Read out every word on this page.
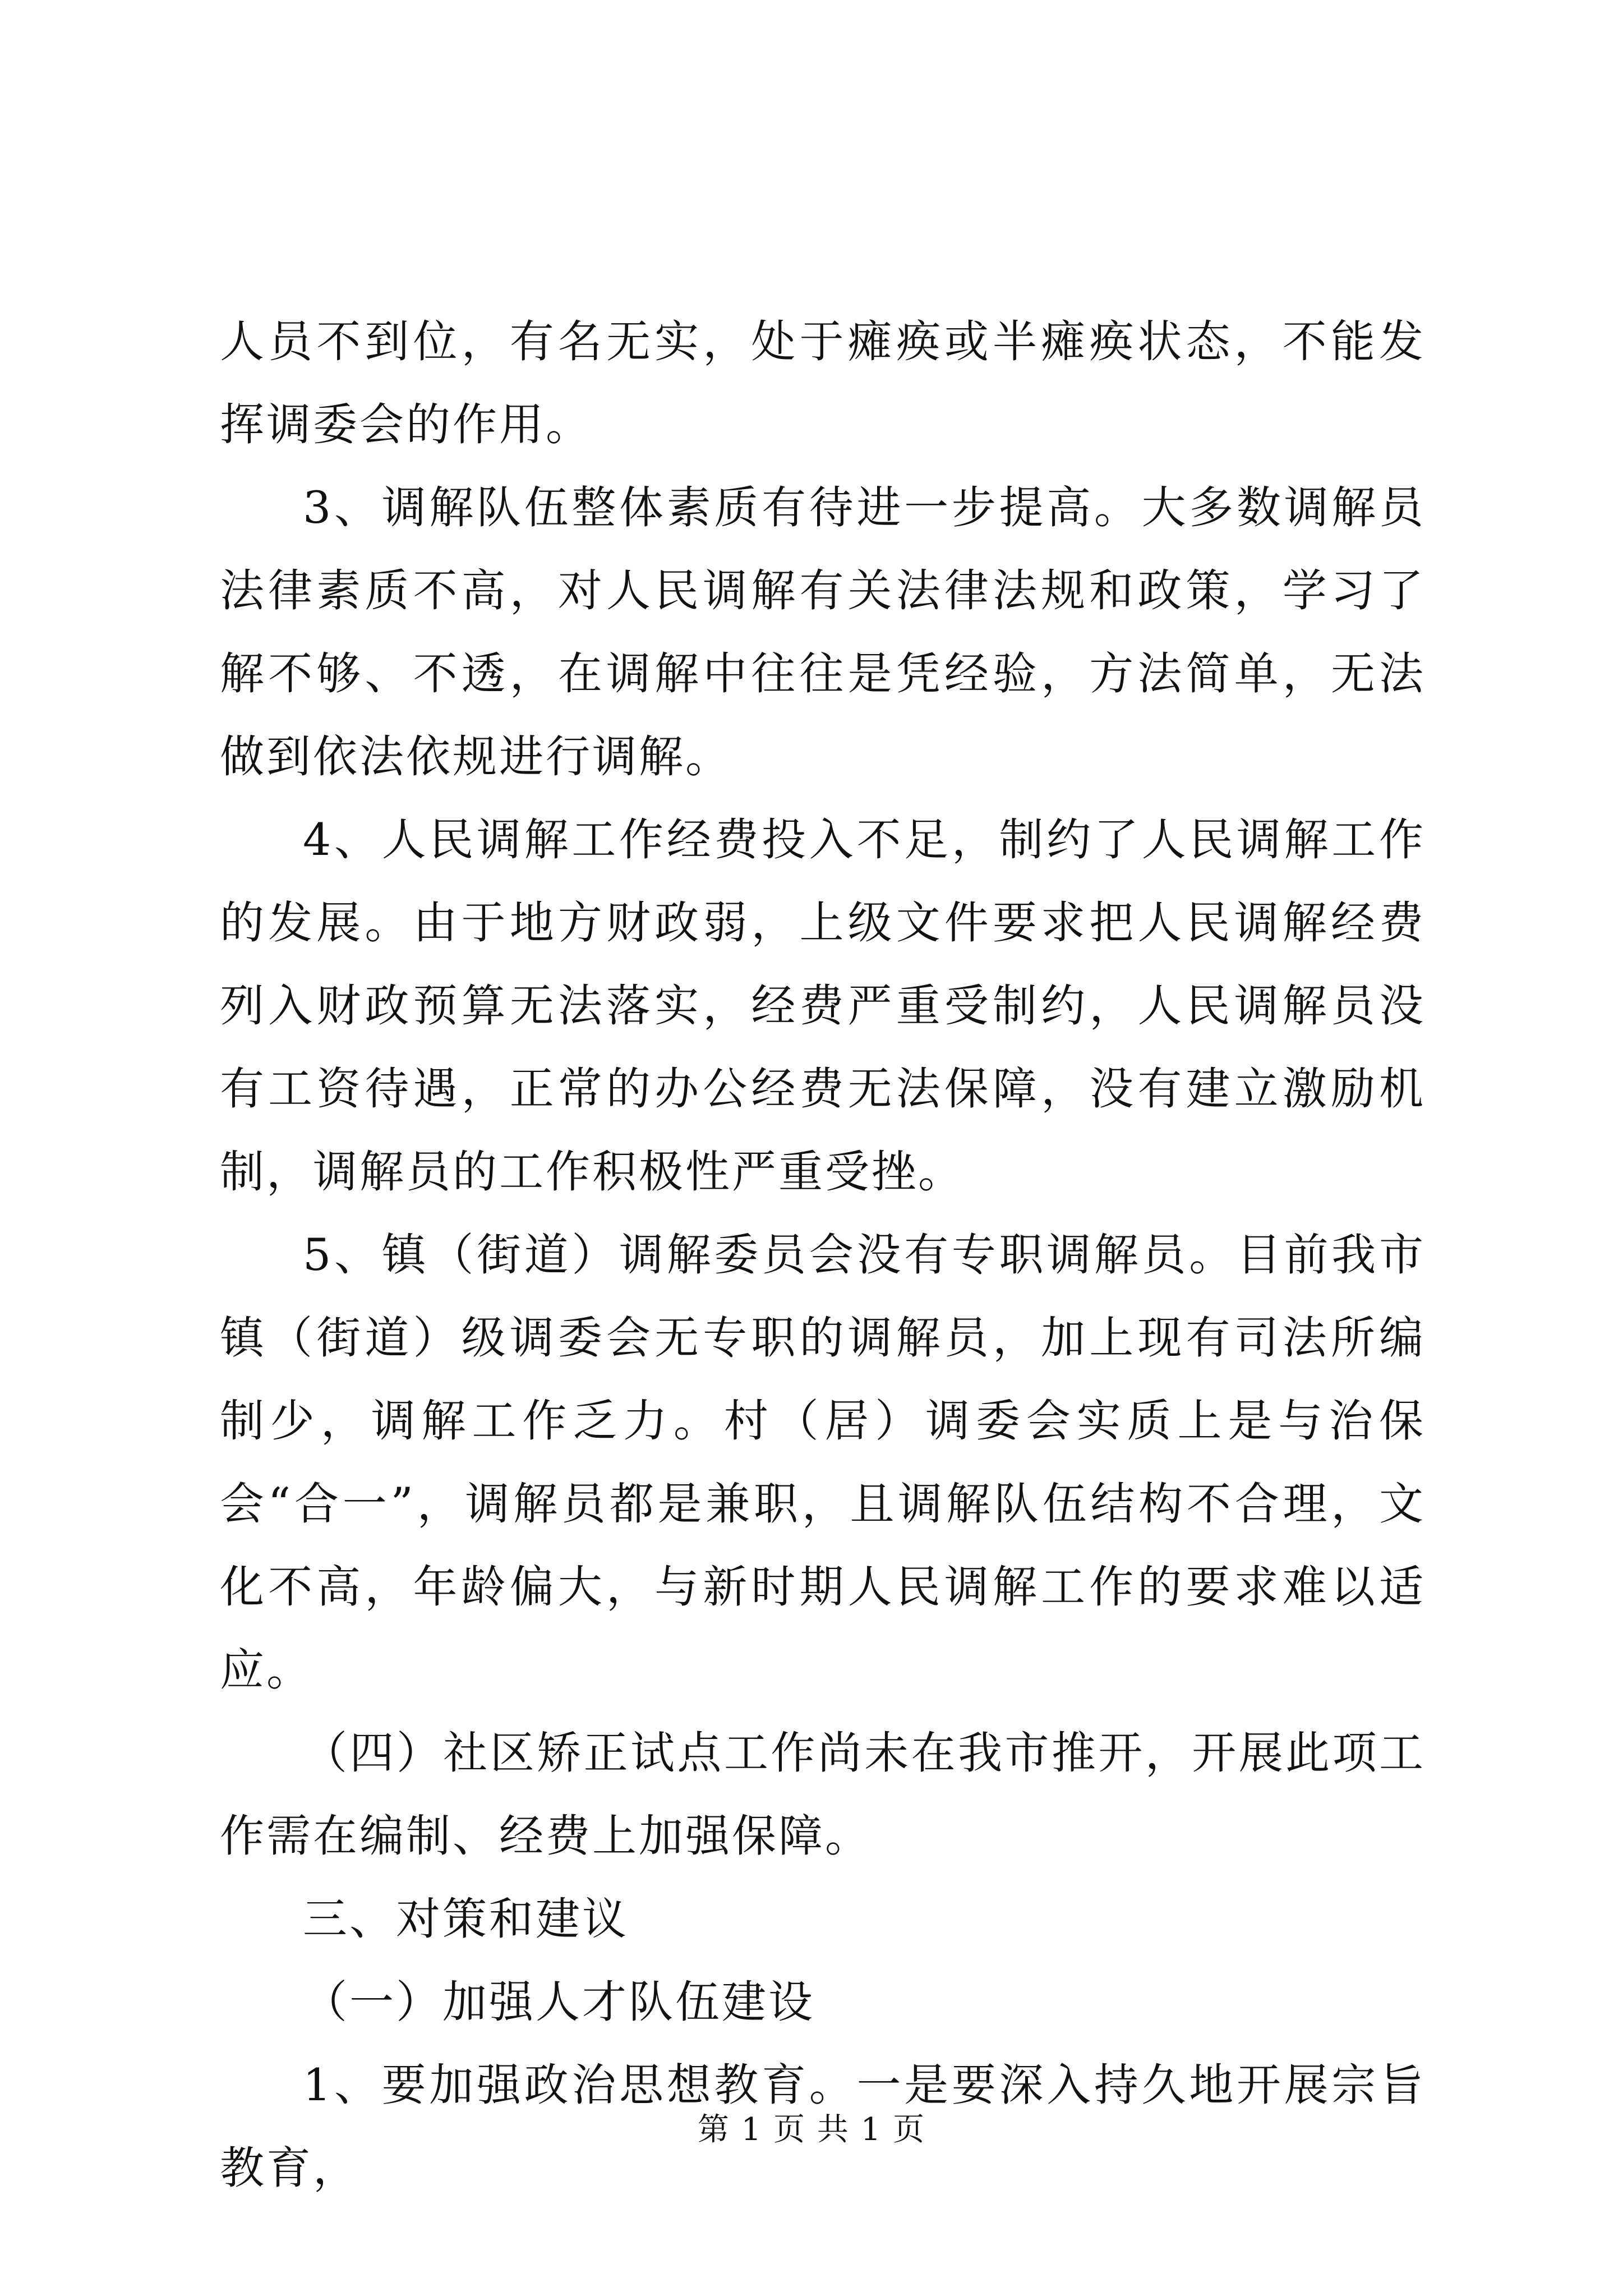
人员不到位，有名无实，处于瘫痪或半瘫痪状态，不能发挥调委会的作用。

3、调解队伍整体素质有待进一步提高。大多数调解员法律素质不高，对人民调解有关法律法规和政策，学习了解不够、不透，在调解中往往是凭经验，方法简单，无法做到依法依规进行调解。

4、人民调解工作经费投入不足，制约了人民调解工作的发展。由于地方财政弱，上级文件要求把人民调解经费列入财政预算无法落实，经费严重受制约，人民调解员没有工资待遇，正常的办公经费无法保障，没有建立激励机制，调解员的工作积极性严重受挫。

5、镇（街道）调解委员会没有专职调解员。目前我市镇（街道）级调委会无专职的调解员，加上现有司法所编制少，调解工作乏力。村（居）调委会实质上是与治保会“合一”，调解员都是兼职，且调解队伍结构不合理，文化不高，年龄偏大，与新时期人民调解工作的要求难以适应。

（四）社区矫正试点工作尚未在我市推开，开展此项工作需在编制、经费上加强保障。

三、对策和建议

（一）加强人才队伍建设

1、要加强政治思想教育。一是要深入持久地开展宗旨教育，

第 1 页 共 1 页
